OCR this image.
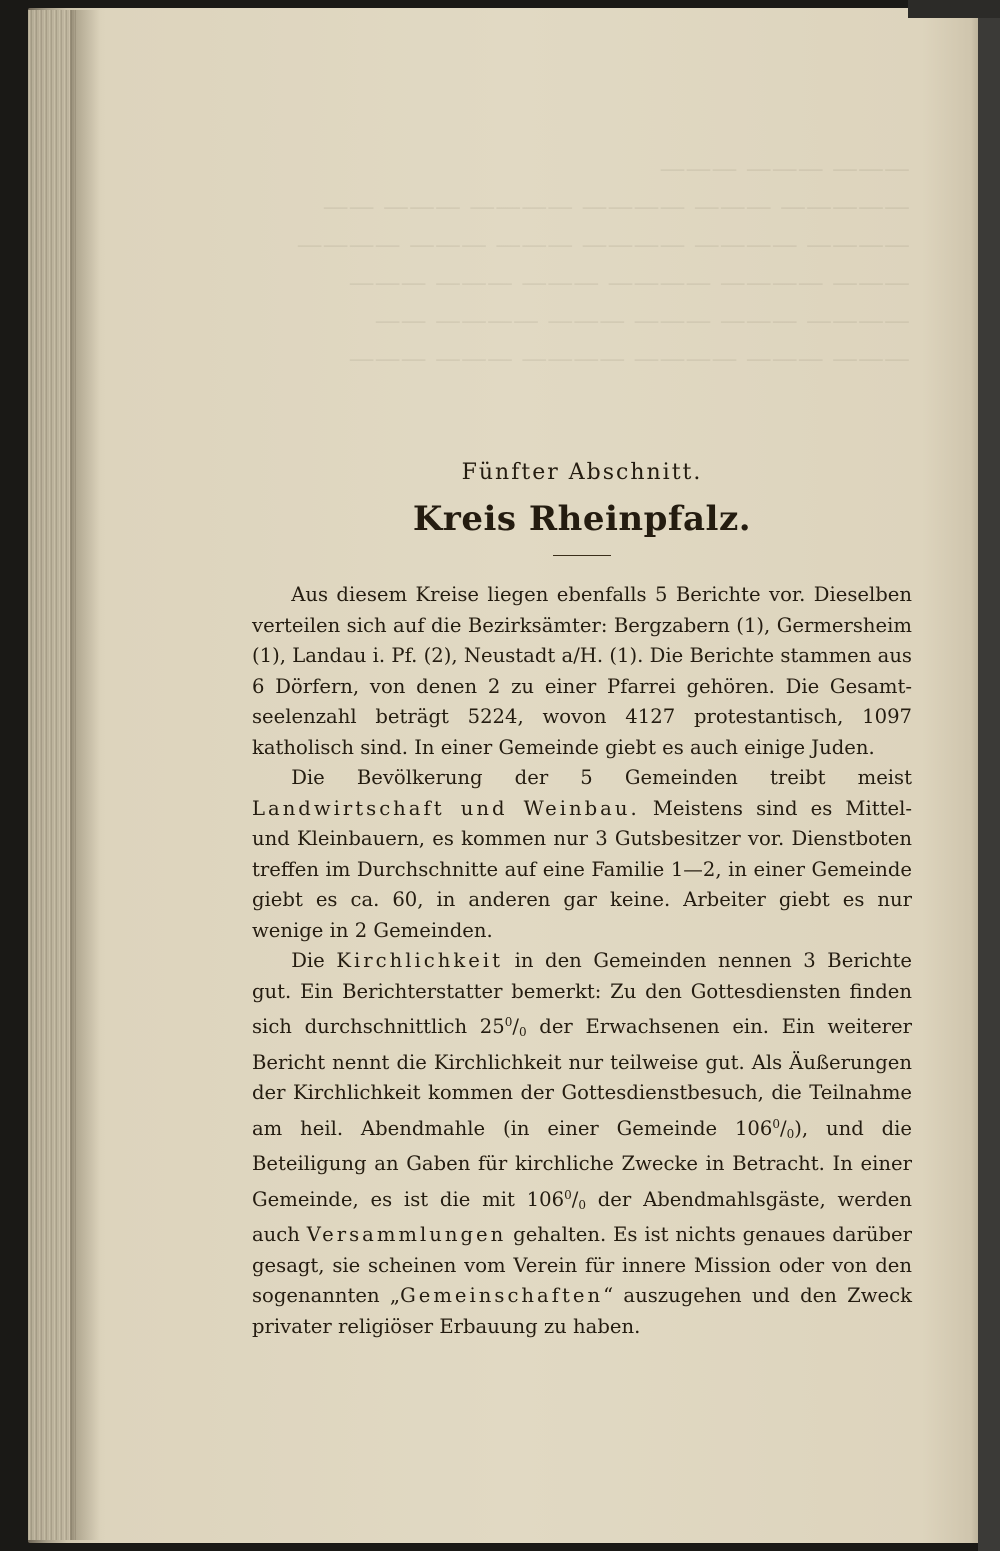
——— ——— ———
————— ——— ———— ———— ——— ——
———— ———— ———— ——— ——— ————
——— ———— ———— ——— ——— ———
———— ——— ——— ——— ———— ——
——— ——— ———— ———— ——— ———
Fünfter Abschnitt.
Kreis Rheinpfalz.

Aus diesem Kreise liegen ebenfalls 5 Berichte vor. Dieselben verteilen sich auf die Bezirksämter: Bergzabern (1), Germersheim (1), Landau i. Pf. (2), Neustadt a/H. (1). Die Berichte stammen aus 6 Dörfern, von denen 2 zu einer Pfarrei gehören. Die Gesamt-seelenzahl beträgt 5224, wovon 4127 protestantisch, 1097 katholisch sind. In einer Gemeinde giebt es auch einige Juden.

Die Bevölkerung der 5 Gemeinden treibt meist Landwirtschaft und Weinbau. Meistens sind es Mittel- und Kleinbauern, es kommen nur 3 Gutsbesitzer vor. Dienstboten treffen im Durchschnitte auf eine Familie 1—2, in einer Gemeinde giebt es ca. 60, in anderen gar keine. Arbeiter giebt es nur wenige in 2 Gemeinden.

Die Kirchlichkeit in den Gemeinden nennen 3 Berichte gut. Ein Berichterstatter bemerkt: Zu den Gottesdiensten finden sich durchschnittlich $25^0/_0$ der Erwachsenen ein. Ein weiterer Bericht nennt die Kirchlichkeit nur teilweise gut. Als Äußerungen der Kirchlichkeit kommen der Gottesdienstbesuch, die Teilnahme am heil. Abendmahle (in einer Gemeinde $106^0/_0$), und die Beteiligung an Gaben für kirchliche Zwecke in Betracht. In einer Gemeinde, es ist die mit $106^0/_0$ der Abendmahlsgäste, werden auch Versammlungen gehalten. Es ist nichts genaues darüber gesagt, sie scheinen vom Verein für innere Mission oder von den sogenannten „Gemeinschaften“ auszugehen und den Zweck privater religiöser Erbauung zu haben.
